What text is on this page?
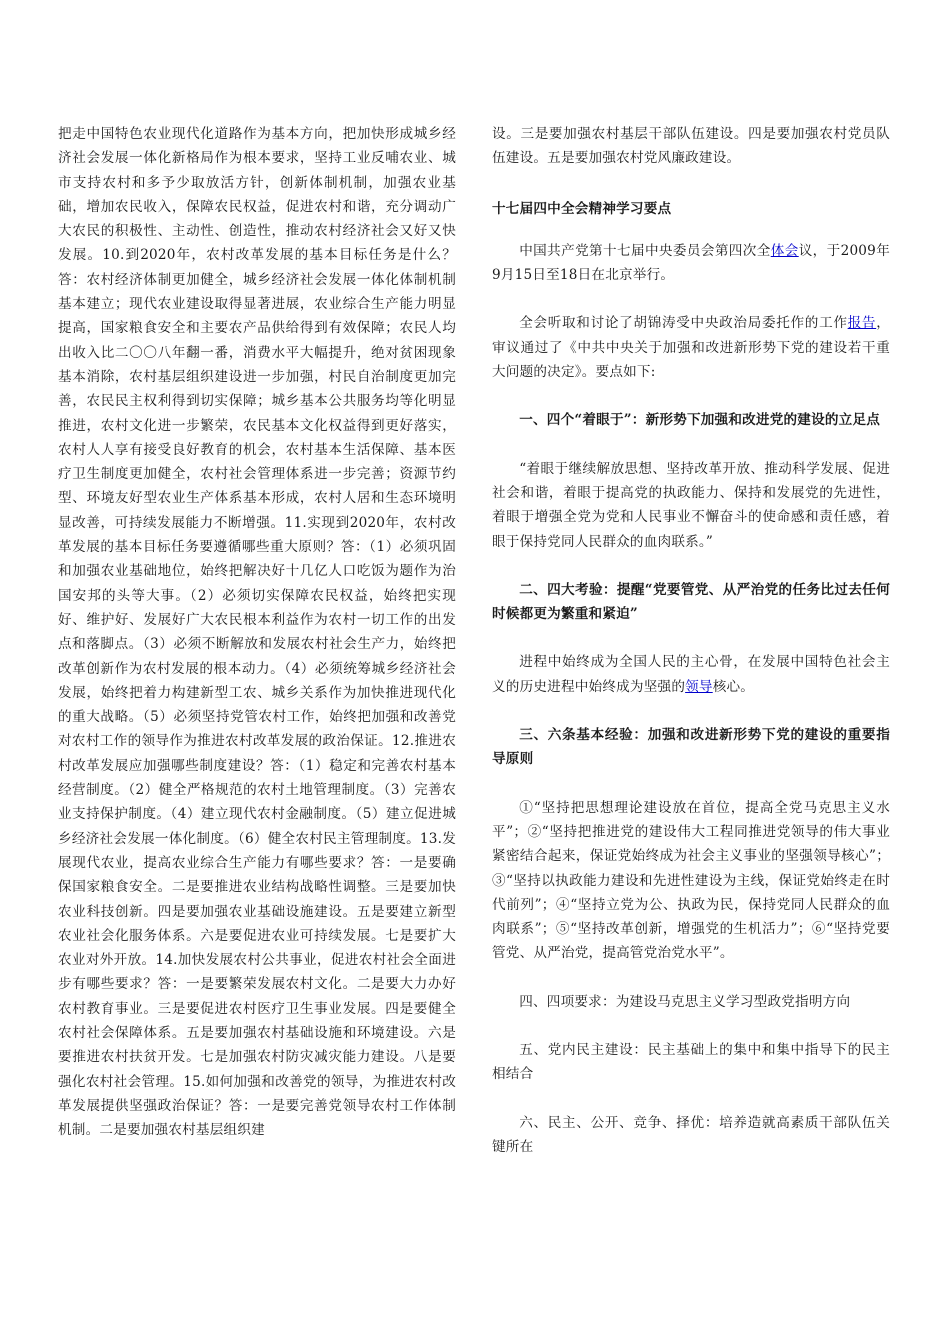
把走中国特色农业现代化道路作为基本方向，把加快形成城乡经济社会发展一体化新格局作为根本要求，坚持工业反哺农业、城市支持农村和多予少取放活方针，创新体制机制，加强农业基础，增加农民收入，保障农民权益，促进农村和谐，充分调动广大农民的积极性、主动性、创造性，推动农村经济社会又好又快发展。10.到2020年，农村改革发展的基本目标任务是什么？答：农村经济体制更加健全，城乡经济社会发展一体化体制机制基本建立；现代农业建设取得显著进展，农业综合生产能力明显提高，国家粮食安全和主要农产品供给得到有效保障；农民人均出收入比二〇〇八年翻一番，消费水平大幅提升，绝对贫困现象基本消除，农村基层组织建设进一步加强，村民自治制度更加完善，农民民主权利得到切实保障；城乡基本公共服务均等化明显推进，农村文化进一步繁荣，农民基本文化权益得到更好落实，农村人人享有接受良好教育的机会，农村基本生活保障、基本医疗卫生制度更加健全，农村社会管理体系进一步完善；资源节约型、环境友好型农业生产体系基本形成，农村人居和生态环境明显改善，可持续发展能力不断增强。11.实现到2020年，农村改革发展的基本目标任务要遵循哪些重大原则？答：（1）必须巩固和加强农业基础地位，始终把解决好十几亿人口吃饭为题作为治国安邦的头等大事。（2）必须切实保障农民权益，始终把实现好、维护好、发展好广大农民根本利益作为农村一切工作的出发点和落脚点。（3）必须不断解放和发展农村社会生产力，始终把改革创新作为农村发展的根本动力。（4）必须统筹城乡经济社会发展，始终把着力构建新型工农、城乡关系作为加快推进现代化的重大战略。（5）必须坚持党管农村工作，始终把加强和改善党对农村工作的领导作为推进农村改革发展的政治保证。12.推进农村改革发展应加强哪些制度建设？答：（1）稳定和完善农村基本经营制度。（2）健全严格规范的农村土地管理制度。（3）完善农业支持保护制度。（4）建立现代农村金融制度。（5）建立促进城乡经济社会发展一体化制度。（6）健全农村民主管理制度。13.发展现代农业，提高农业综合生产能力有哪些要求？答：一是要确保国家粮食安全。二是要推进农业结构战略性调整。三是要加快农业科技创新。四是要加强农业基础设施建设。五是要建立新型农业社会化服务体系。六是要促进农业可持续发展。七是要扩大农业对外开放。14.加快发展农村公共事业，促进农村社会全面进步有哪些要求？答：一是要繁荣发展农村文化。二是要大力办好农村教育事业。三是要促进农村医疗卫生事业发展。四是要健全农村社会保障体系。五是要加强农村基础设施和环境建设。六是要推进农村扶贫开发。七是加强农村防灾减灾能力建设。八是要强化农村社会管理。15.如何加强和改善党的领导，为推进农村改革发展提供坚强政治保证？答：一是要完善党领导农村工作体制机制。二是要加强农村基层组织建

设。三是要加强农村基层干部队伍建设。四是要加强农村党员队伍建设。五是要加强农村党风廉政建设。

十七届四中全会精神学习要点

中国共产党第十七届中央委员会第四次全体会议，于2009年9月15日至18日在北京举行。

全会听取和讨论了胡锦涛受中央政治局委托作的工作报告，审议通过了《中共中央关于加强和改进新形势下党的建设若干重大问题的决定》。要点如下:

一、四个“着眼于”：新形势下加强和改进党的建设的立足点

“着眼于继续解放思想、坚持改革开放、推动科学发展、促进社会和谐，着眼于提高党的执政能力、保持和发展党的先进性，着眼于增强全党为党和人民事业不懈奋斗的使命感和责任感，着眼于保持党同人民群众的血肉联系。”

二、四大考验：提醒“党要管党、从严治党的任务比过去任何时候都更为繁重和紧迫”

进程中始终成为全国人民的主心骨，在发展中国特色社会主义的历史进程中始终成为坚强的领导核心。

三、六条基本经验：加强和改进新形势下党的建设的重要指导原则

①“坚持把思想理论建设放在首位，提高全党马克思主义水平”；②“坚持把推进党的建设伟大工程同推进党领导的伟大事业紧密结合起来，保证党始终成为社会主义事业的坚强领导核心”；③“坚持以执政能力建设和先进性建设为主线，保证党始终走在时代前列”；④“坚持立党为公、执政为民，保持党同人民群众的血肉联系”；⑤“坚持改革创新，增强党的生机活力”；⑥“坚持党要管党、从严治党，提高管党治党水平”。

四、四项要求：为建设马克思主义学习型政党指明方向

五、党内民主建设：民主基础上的集中和集中指导下的民主相结合

六、民主、公开、竞争、择优：培养造就高素质干部队伍关键所在
